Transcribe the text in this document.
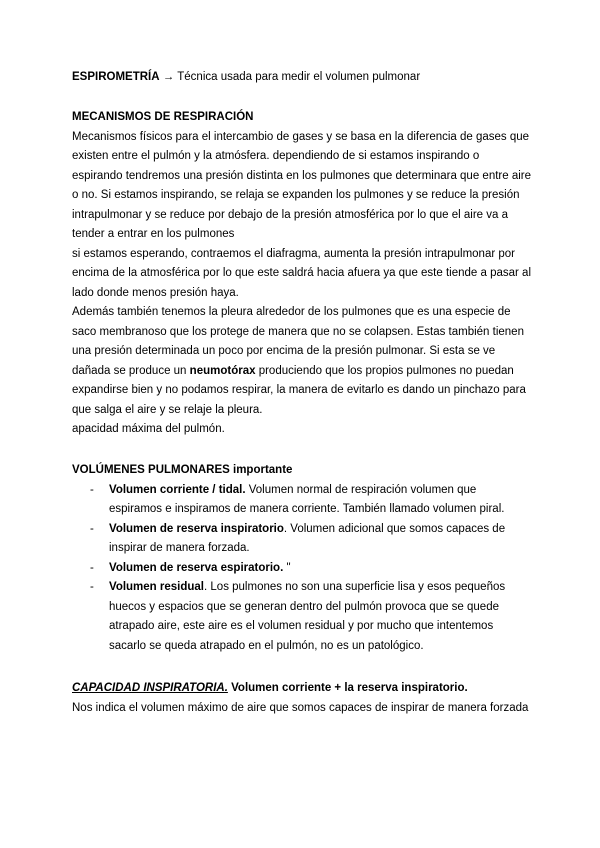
ESPIROMETRÍA → Técnica usada para medir el volumen pulmonar

MECANISMOS DE RESPIRACIÓN

Mecanismos físicos para el intercambio de gases y se basa en la diferencia de gases que existen entre el pulmón y la atmósfera. dependiendo de si estamos inspirando o espirando tendremos una presión distinta en los pulmones que determinara que entre aire o no. Si estamos inspirando, se relaja se expanden los pulmones y se reduce la presión intrapulmonar y se reduce por debajo de la presión atmosférica por lo que el aire va a tender a entrar en los pulmones

si estamos esperando, contraemos el diafragma, aumenta la presión intrapulmonar por encima de la atmosférica por lo que este saldrá hacia afuera ya que este tiende a pasar al lado donde menos presión haya.

Además también tenemos la pleura alrededor de los pulmones que es una especie de saco membranoso que los protege de manera que no se colapsen. Estas también tienen una presión determinada un poco por encima de la presión pulmonar. Si esta se ve dañada se produce un neumotórax produciendo que los propios pulmones no puedan expandirse bien y no podamos respirar, la manera de evitarlo es dando un pinchazo para que salga el aire y se relaje la pleura.

apacidad máxima del pulmón.

VOLÚMENES PULMONARES importante

- Volumen corriente / tidal. Volumen normal de respiración volumen que espiramos e inspiramos de manera corriente. También llamado volumen piral.
- Volumen de reserva inspiratorio. Volumen adicional que somos capaces de inspirar de manera forzada.
- Volumen de reserva espiratorio. "
- Volumen residual. Los pulmones no son una superficie lisa y esos pequeños huecos y espacios que se generan dentro del pulmón provoca que se quede atrapado aire, este aire es el volumen residual y por mucho que intentemos sacarlo se queda atrapado en el pulmón, no es un patológico.

CAPACIDAD INSPIRATORIA. Volumen corriente + la reserva inspiratorio.

Nos indica el volumen máximo de aire que somos capaces de inspirar de manera forzada
